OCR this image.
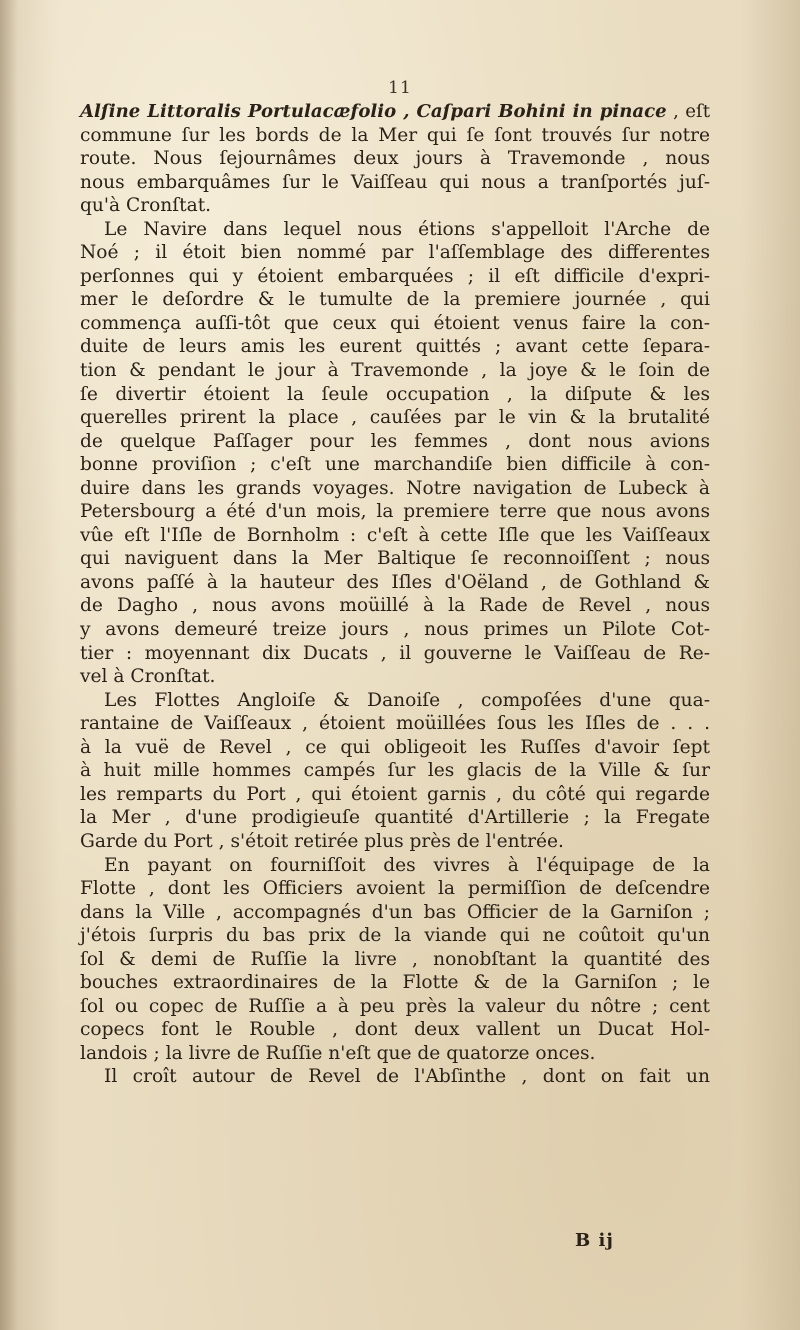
11
Alſine Littoralis Portulacæfolio , Caſpari Bohini in pinace , eſt
commune ſur les bords de la Mer qui ſe ſont trouvés ſur notre
route. Nous ſejournâmes deux jours à Travemonde , nous
nous embarquâmes ſur le Vaiſſeau qui nous a tranſportés juſ-
qu'à Cronſtat.
Le Navire dans lequel nous étions s'appelloit l'Arche de
Noé ; il étoit bien nommé par l'aſſemblage des differentes
perſonnes qui y étoient embarquées ; il eſt difficile d'expri-
mer le deſordre & le tumulte de la premiere journée , qui
commença auſſi-tôt que ceux qui étoient venus faire la con-
duite de leurs amis les eurent quittés ; avant cette ſepara-
tion & pendant le jour à Travemonde , la joye & le ſoin de
ſe divertir étoient la ſeule occupation , la diſpute & les
querelles prirent la place , cauſées par le vin & la brutalité
de quelque Paſſager pour les femmes , dont nous avions
bonne proviſion ; c'eſt une marchandiſe bien difficile à con-
duire dans les grands voyages. Notre navigation de Lubeck à
Petersbourg a été d'un mois, la premiere terre que nous avons
vûe eſt l'Iſle de Bornholm : c'eſt à cette Iſle que les Vaiſſeaux
qui naviguent dans la Mer Baltique ſe reconnoiſſent ; nous
avons paſſé à la hauteur des Iſles d'Oëland , de Gothland &
de Dagho , nous avons moüillé à la Rade de Revel , nous
y avons demeuré treize jours , nous primes un Pilote Cot-
tier : moyennant dix Ducats , il gouverne le Vaiſſeau de Re-
vel à Cronſtat.
Les Flottes Angloiſe & Danoiſe , compoſées d'une qua-
rantaine de Vaiſſeaux , étoient moüillées ſous les Iſles de . . .
à la vuë de Revel , ce qui obligeoit les Ruſſes d'avoir ſept
à huit mille hommes campés ſur les glacis de la Ville & ſur
les remparts du Port , qui étoient garnis , du côté qui regarde
la Mer , d'une prodigieuſe quantité d'Artillerie ; la Fregate
Garde du Port , s'étoit retirée plus près de l'entrée.
En payant on fourniſſoit des vivres à l'équipage de la
Flotte , dont les Officiers avoient la permiſſion de deſcendre
dans la Ville , accompagnés d'un bas Officier de la Garniſon ;
j'étois ſurpris du bas prix de la viande qui ne coûtoit qu'un
ſol & demi de Ruſſie la livre , nonobſtant la quantité des
bouches extraordinaires de la Flotte & de la Garniſon ; le
ſol ou copec de Ruſſie a à peu près la valeur du nôtre ; cent
copecs font le Rouble , dont deux vallent un Ducat Hol-
landois ; la livre de Ruſſie n'eſt que de quatorze onces.
Il croît autour de Revel de l'Abſinthe , dont on fait un
B ij
